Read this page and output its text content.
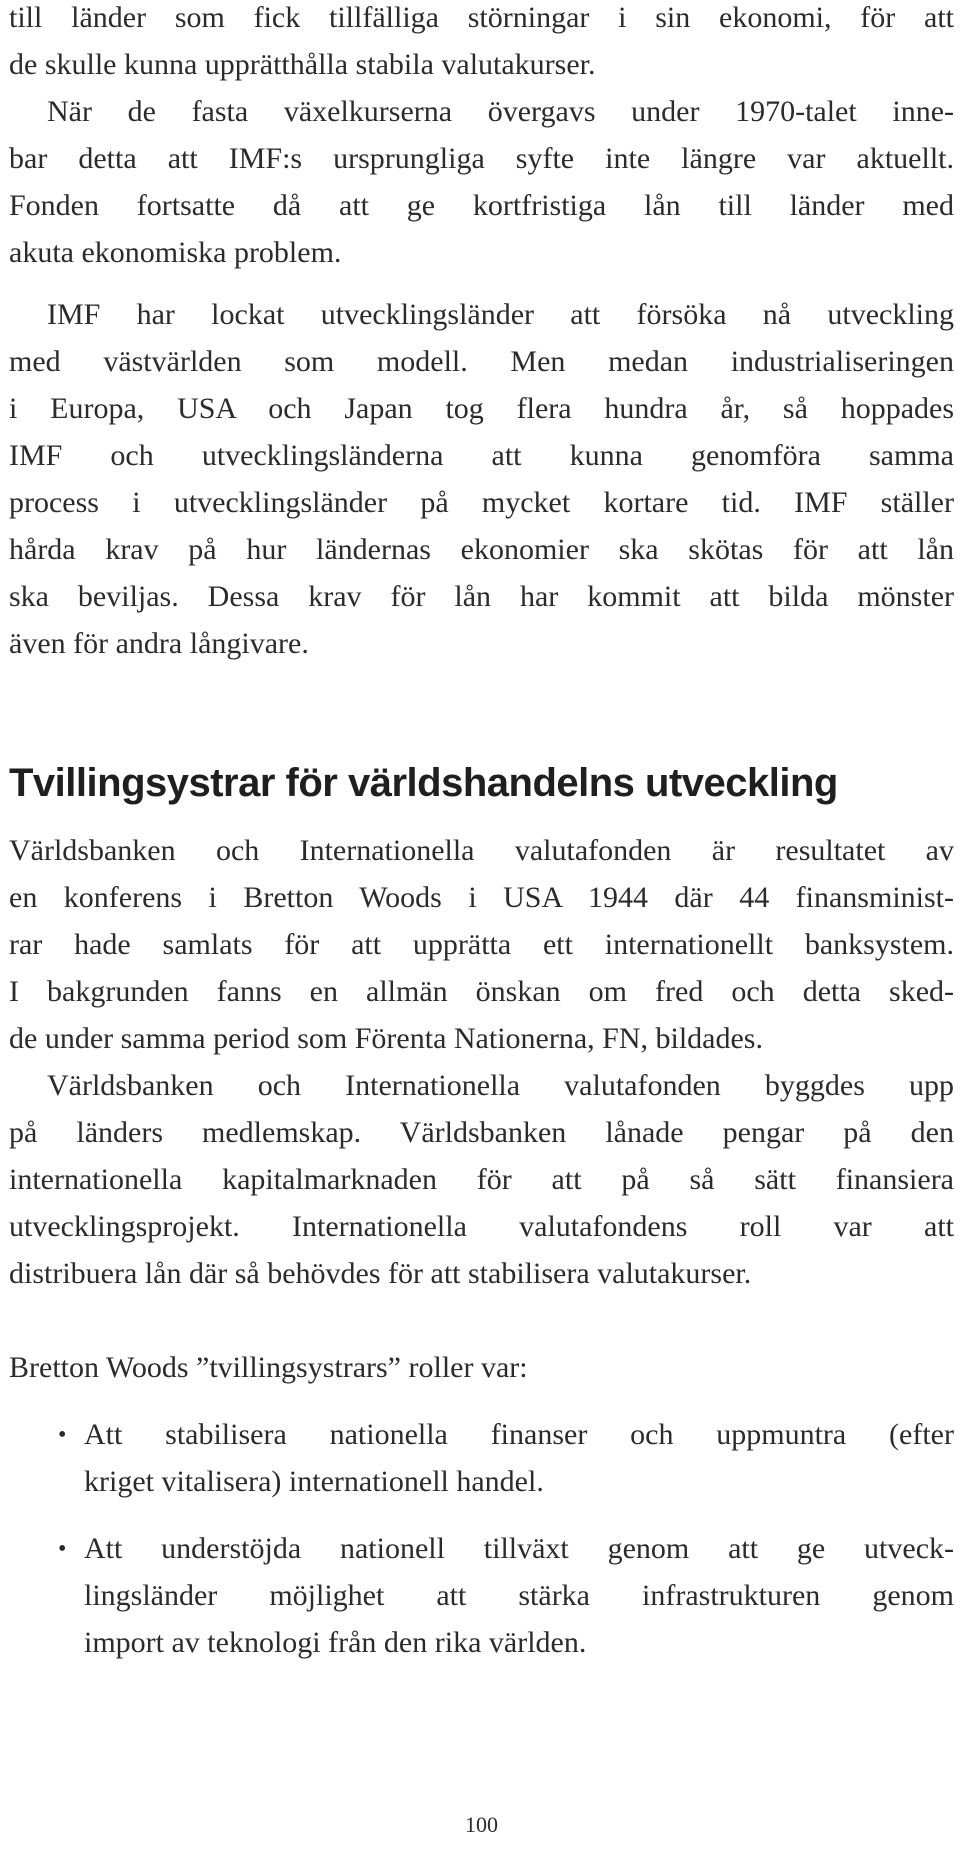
till länder som fick tillfälliga störningar i sin ekonomi, för att
de skulle kunna upprätthålla stabila valutakurser.
När de fasta växelkurserna övergavs under 1970-talet inne-
bar detta att IMF:s ursprungliga syfte inte längre var aktuellt.
Fonden fortsatte då att ge kortfristiga lån till länder med
akuta ekonomiska problem.
IMF har lockat utvecklingsländer att försöka nå utveckling
med västvärlden som modell. Men medan industrialiseringen
i Europa, USA och Japan tog flera hundra år, så hoppades
IMF och utvecklingsländerna att kunna genomföra samma
process i utvecklingsländer på mycket kortare tid. IMF ställer
hårda krav på hur ländernas ekonomier ska skötas för att lån
ska beviljas. Dessa krav för lån har kommit att bilda mönster
även för andra långivare.
Tvillingsystrar för världshandelns utveckling
Världsbanken och Internationella valutafonden är resultatet av
en konferens i Bretton Woods i USA 1944 där 44 finansminist-
rar hade samlats för att upprätta ett internationellt banksystem.
I bakgrunden fanns en allmän önskan om fred och detta sked-
de under samma period som Förenta Nationerna, FN, bildades.
Världsbanken och Internationella valutafonden byggdes upp
på länders medlemskap. Världsbanken lånade pengar på den
internationella kapitalmarknaden för att på så sätt finansiera
utvecklingsprojekt. Internationella valutafondens roll var att
distribuera lån där så behövdes för att stabilisera valutakurser.
Bretton Woods ”tvillingsystrars” roller var:
• Att stabilisera nationella finanser och uppmuntra (efter
kriget vitalisera) internationell handel.
• Att understöjda nationell tillväxt genom att ge utveck-
lingsländer möjlighet att stärka infrastrukturen genom
import av teknologi från den rika världen.
100
